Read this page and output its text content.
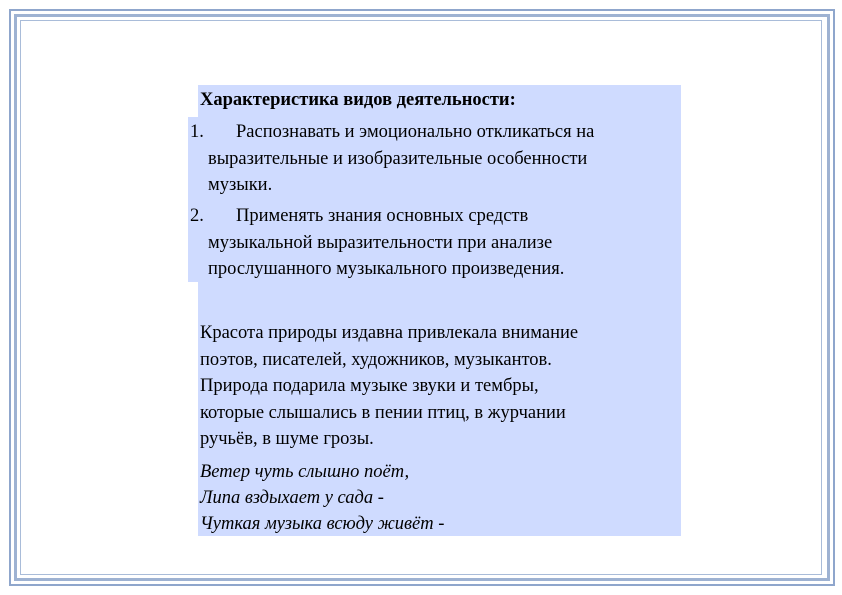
Характеристика видов деятельности:
1.	Распознавать и эмоционально откликаться на
выразительные и изобразительные особенности
музыки.
2.	Применять знания основных средств
музыкальной выразительности при анализе
прослушанного музыкального произведения.
Красота природы издавна привлекала внимание
поэтов, писателей, художников, музыкантов.
Природа подарила музыке звуки и тембры,
которые слышались в пении птиц, в журчании
ручьёв, в шуме грозы.
Ветер чуть слышно поёт,
Липа вздыхает у сада -
Чуткая музыка всюду живёт -
